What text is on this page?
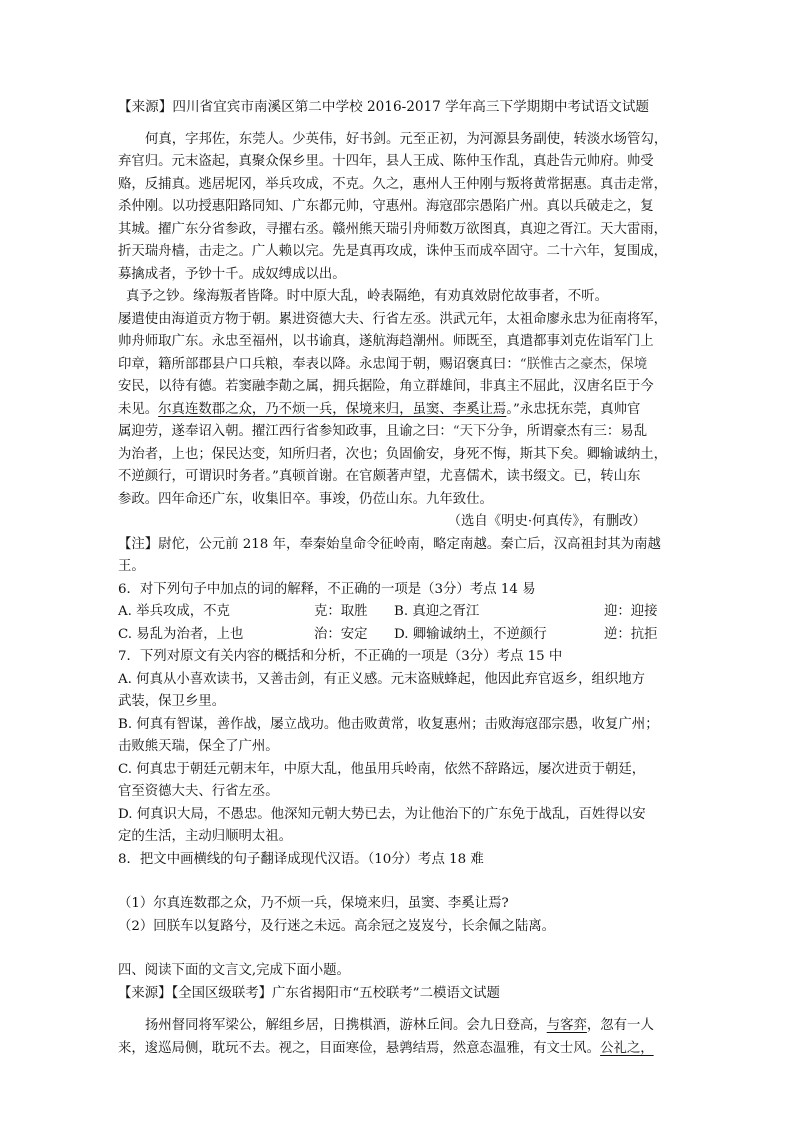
【来源】四川省宜宾市南溪区第二中学校 2016-2017 学年高三下学期期中考试语文试题
何真，字邦佐，东莞人。少英伟，好书剑。元至正初，为河源县务副使，转淡水场管勾，
弃官归。元末盗起，真聚众保乡里。十四年，县人王成、陈仲玉作乱，真赴告元帅府。帅受
赂，反捕真。逃居坭冈，举兵攻成，不克。久之，惠州人王仲刚与叛将黄常据惠。真击走常，
杀仲刚。以功授惠阳路同知、广东都元帅，守惠州。海寇邵宗愚陷广州。真以兵破走之，复
其城。擢广东分省参政，寻擢右丞。赣州熊天瑞引舟师数万欲图真，真迎之胥江。天大雷雨，
折天瑞舟樯，击走之。广人赖以完。先是真再攻成，诛仲玉而成卒固守。二十六年，复围成，
募擒成者，予钞十千。成奴缚成以出。
真予之钞。缘海叛者皆降。时中原大乱，岭表隔绝，有劝真效尉佗故事者，不听。
屡遣使由海道贡方物于朝。累进资德大夫、行省左丞。洪武元年，太祖命廖永忠为征南将军，
帅舟师取广东。永忠至福州，以书谕真，遂航海趋潮州。师既至，真遣都事刘克佐诣军门上
印章，籍所部郡县户口兵粮，奉表以降。永忠闻于朝，赐诏褒真曰：“朕惟古之豪杰，保境
安民，以待有德。若窦融李勣之属，拥兵据险，角立群雄间，非真主不屈此，汉唐名臣于今
未见。尔真连数郡之众，乃不烦一兵，保境来归，虽窦、李奚让焉。”永忠抚东莞，真帅官
属迎劳，遂奉诏入朝。擢江西行省参知政事，且谕之曰：“天下分争，所谓豪杰有三：易乱
为治者，上也；保民达变，知所归者，次也；负固偷安，身死不悔，斯其下矣。卿输诚纳土，
不逆颜行，可谓识时务者。”真顿首谢。在官颇著声望，尤喜儒术，读书缀文。已，转山东
参政。四年命还广东，收集旧卒。事竣，仍莅山东。九年致仕。
（选自《明史·何真传》，有删改）
【注】尉佗，公元前 218 年，奉秦始皇命令征岭南，略定南越。秦亡后，汉高祖封其为南越
王。
6．对下列句子中加点的词的解释，不正确的一项是（3分）考点 14 易
A. 举兵攻成，不克	克：取胜	B. 真迎之胥江	迎：迎接
C. 易乱为治者，上也	治：安定	D. 卿输诚纳土，不逆颜行	逆：抗拒
7．下列对原文有关内容的概括和分析，不正确的一项是（3分）考点 15 中
A. 何真从小喜欢读书，又善击剑，有正义感。元末盗贼蜂起，他因此弃官返乡，组织地方
武装，保卫乡里。
B. 何真有智谋，善作战，屡立战功。他击败黄常，收复惠州；击败海寇邵宗愚，收复广州；
击败熊天瑞，保全了广州。
C. 何真忠于朝廷元朝末年，中原大乱，他虽用兵岭南，依然不辞路远，屡次进贡于朝廷，
官至资德大夫、行省左丞。
D. 何真识大局，不愚忠。他深知元朝大势已去，为让他治下的广东免于战乱，百姓得以安
定的生活，主动归顺明太祖。
8．把文中画横线的句子翻译成现代汉语。（10分）考点 18 难
（1）尔真连数郡之众，乃不烦一兵，保境来归，虽窦、李奚让焉?
（2）回朕车以复路兮，及行迷之未远。高余冠之岌岌兮，长余佩之陆离。
四、阅读下面的文言文,完成下面小题。
【来源】【全国区级联考】广东省揭阳市“五校联考”二模语文试题
扬州督同将军梁公，解组乡居，日携棋酒，游林丘间。会九日登高，与客弈，忽有一人
来，逡巡局侧，耽玩不去。视之，目面寒俭，悬鹑结焉，然意态温雅，有文士风。公礼之，
